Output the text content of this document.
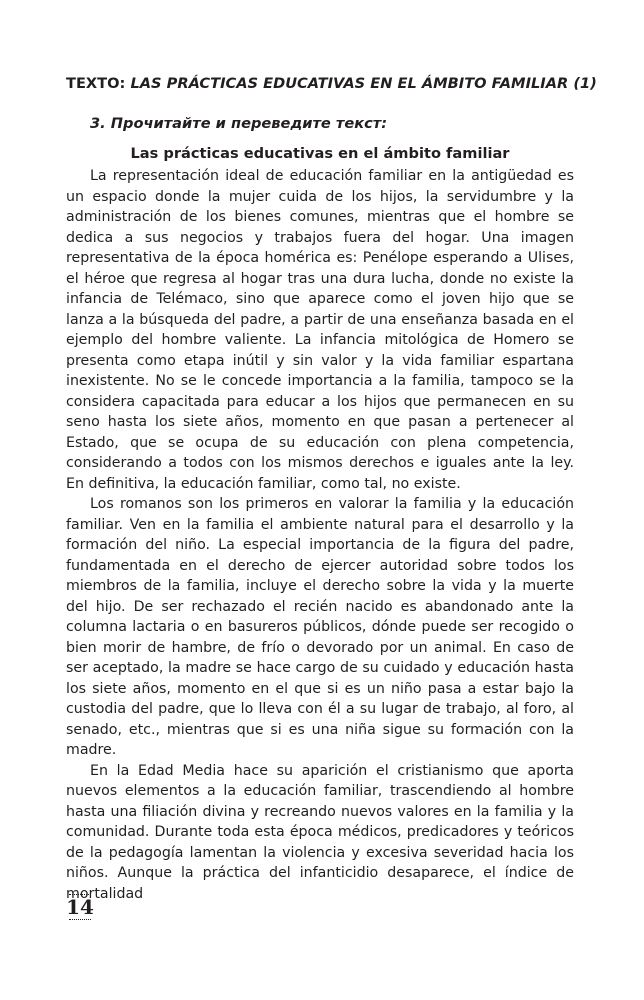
TEXTO: LAS PRÁCTICAS EDUCATIVAS EN EL ÁMBITO FAMILIAR (1)
3. Прочитайте и переведите текст:
Las prácticas educativas en el ámbito familiar

La representación ideal de educación familiar en la antigüedad es un espacio donde la mujer cuida de los hijos, la servidumbre y la administración de los bienes comunes, mientras que el hombre se dedica a sus negocios y trabajos fuera del hogar. Una imagen representativa de la época homérica es: Penélope esperando a Ulises, el héroe que regresa al hogar tras una dura lucha, donde no existe la infancia de Telémaco, sino que aparece como el joven hijo que se lanza a la búsqueda del padre, a partir de una enseñanza basada en el ejemplo del hombre valiente. La infancia mitológica de Homero se presenta como etapa inútil y sin valor y la vida familiar espartana inexistente. No se le concede importancia a la familia, tampoco se la considera capacitada para educar a los hijos que permanecen en su seno hasta los siete años, momento en que pasan a pertenecer al Estado, que se ocupa de su educación con plena competencia, considerando a todos con los mismos derechos e iguales ante la ley. En definitiva, la educación familiar, como tal, no existe.

Los romanos son los primeros en valorar la familia y la educación familiar. Ven en la familia el ambiente natural para el desarrollo y la formación del niño. La especial importancia de la figura del padre, fundamentada en el derecho de ejercer autoridad sobre todos los miembros de la familia, incluye el derecho sobre la vida y la muerte del hijo. De ser rechazado el recién nacido es abandonado ante la columna lactaria o en basureros públicos, dónde puede ser recogido o bien morir de hambre, de frío o devorado por un animal. En caso de ser aceptado, la madre se hace cargo de su cuidado y educación hasta los siete años, momento en el que si es un niño pasa a estar bajo la custodia del padre, que lo lleva con él a su lugar de trabajo, al foro, al senado, etc., mientras que si es una niña sigue su formación con la madre.

En la Edad Media hace su aparición el cristianismo que aporta nuevos elementos a la educación familiar, trascendiendo al hombre hasta una filiación divina y recreando nuevos valores en la familia y la comunidad. Durante toda esta época médicos, predicadores y teóricos de la pedagogía lamentan la violencia y excesiva severidad hacia los niños. Aunque la práctica del infanticidio desaparece, el índice de mortalidad

14
